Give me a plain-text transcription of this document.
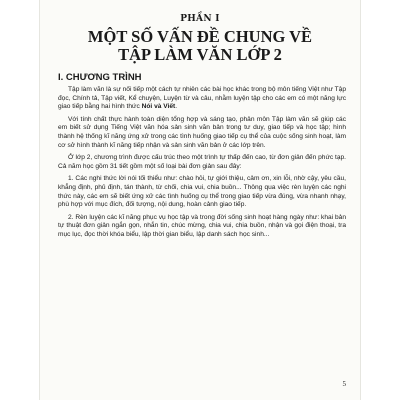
PHẦN I
MỘT SỐ VẤN ĐỀ CHUNG VỀ
TẬP LÀM VĂN LỚP 2
I. CHƯƠNG TRÌNH

Tập làm văn là sự nối tiếp một cách tự nhiên các bài học khác trong bộ môn tiếng Việt như Tập đọc, Chính tả, Tập viết, Kể chuyện, Luyện từ và câu, nhằm luyện tập cho các em có một năng lực giao tiếp bằng hai hình thức Nói và Viết.

Với tính chất thực hành toàn diện tổng hợp và sáng tạo, phân môn Tập làm văn sẽ giúp các em biết sử dụng Tiếng Việt văn hóa sản sinh văn bản trong tư duy, giao tiếp và học tập; hình thành hệ thống kĩ năng ứng xử trong các tình huống giao tiếp cụ thể của cuộc sống sinh hoạt, làm cơ sở hình thành kĩ năng tiếp nhận và sản sinh văn bản ở các lớp trên.

Ở lớp 2, chương trình được cấu trúc theo một trình tự thấp đến cao, từ đơn giản đến phức tạp. Cả năm học gồm 31 tiết gồm một số loại bài đơn giản sau đây:

1. Các nghi thức lời nói tối thiểu như: chào hỏi, tự giới thiệu, cảm ơn, xin lỗi, nhờ cậy, yêu cầu, khẳng định, phủ định, tán thành, từ chối, chia vui, chia buồn... Thông qua việc rèn luyện các nghi thức này, các em sẽ biết ứng xử các tình huống cụ thể trong giao tiếp vừa đúng, vừa nhanh nhạy, phù hợp với mục đích, đối tượng, nội dung, hoàn cảnh giao tiếp.

2. Rèn luyện các kĩ năng phục vụ học tập và trong đời sống sinh hoạt hàng ngày như: khai bản tự thuật đơn giản ngắn gọn, nhắn tin, chúc mừng, chia vui, chia buồn, nhận và gọi điện thoại, tra mục lục, đọc thời khóa biểu, lập thời gian biểu, lập danh sách học sinh...

5
